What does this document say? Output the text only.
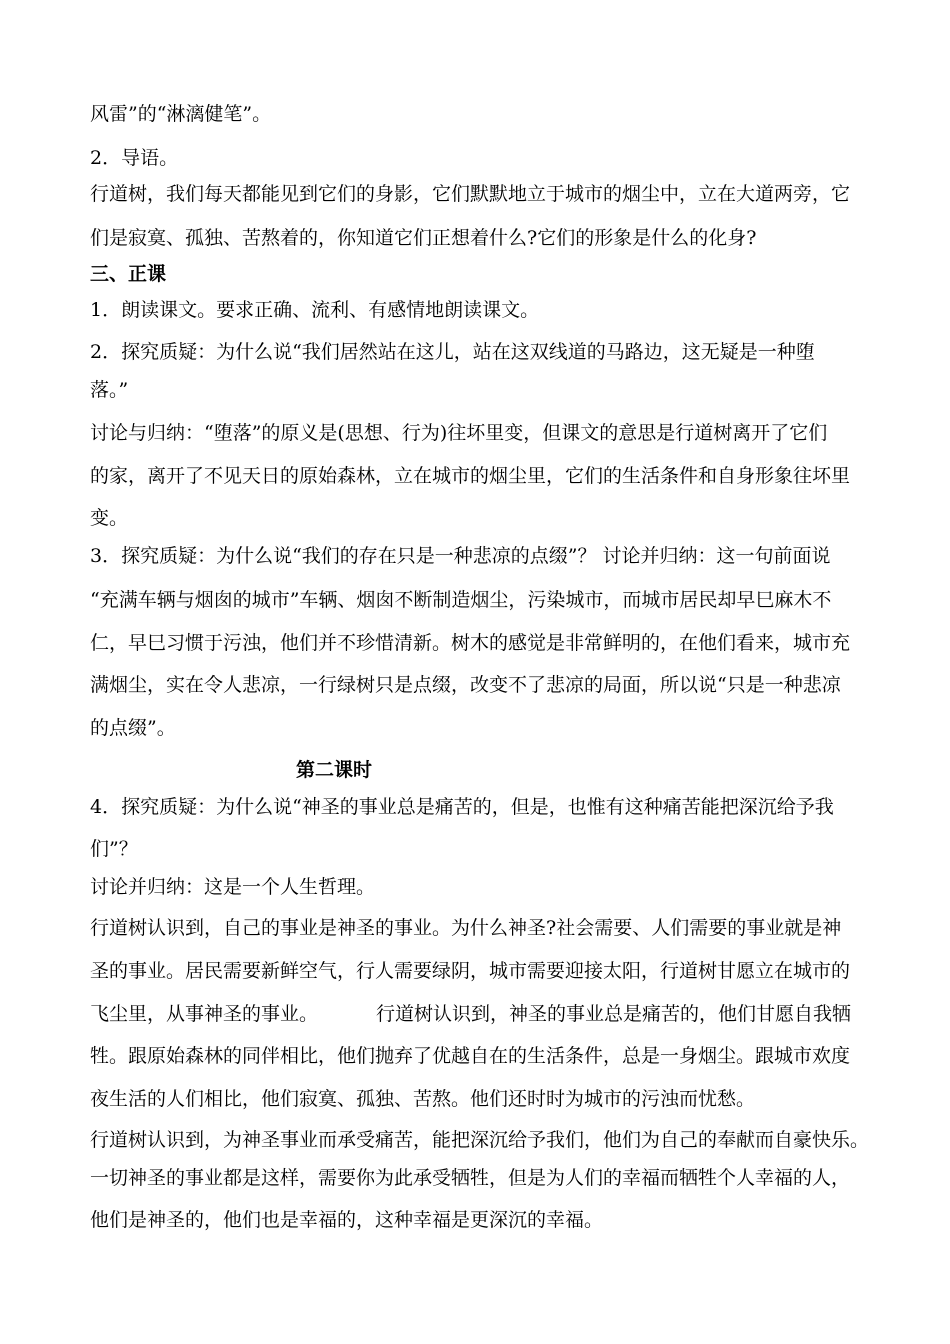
风雷”的“淋漓健笔”。
2．导语。
行道树，我们每天都能见到它们的身影，它们默默地立于城市的烟尘中，立在大道两旁，它
们是寂寞、孤独、苦熬着的，你知道它们正想着什么?它们的形象是什么的化身?
三、正课
1．朗读课文。要求正确、流利、有感情地朗读课文。
2．探究质疑：为什么说“我们居然站在这儿，站在这双线道的马路边，这无疑是一种堕
落。”
讨论与归纳：“堕落”的原义是(思想、行为)往坏里变，但课文的意思是行道树离开了它们
的家，离开了不见天日的原始森林，立在城市的烟尘里，它们的生活条件和自身形象往坏里
变。
3．探究质疑：为什么说“我们的存在只是一种悲凉的点缀”？ 讨论并归纳：这一句前面说
“充满车辆与烟囱的城市”车辆、烟囱不断制造烟尘，污染城市，而城市居民却早巳麻木不
仁，早巳习惯于污浊，他们并不珍惜清新。树木的感觉是非常鲜明的，在他们看来，城市充
满烟尘，实在令人悲凉，一行绿树只是点缀，改变不了悲凉的局面，所以说“只是一种悲凉
的点缀”。
第二课时
4．探究质疑：为什么说“神圣的事业总是痛苦的，但是，也惟有这种痛苦能把深沉给予我
们”？
讨论并归纳：这是一个人生哲理。
行道树认识到，自己的事业是神圣的事业。为什么神圣?社会需要、人们需要的事业就是神
圣的事业。居民需要新鲜空气，行人需要绿阴，城市需要迎接太阳，行道树甘愿立在城市的
飞尘里，从事神圣的事业。	行道树认识到，神圣的事业总是痛苦的，他们甘愿自我牺
牲。跟原始森林的同伴相比，他们抛弃了优越自在的生活条件，总是一身烟尘。跟城市欢度
夜生活的人们相比，他们寂寞、孤独、苦熬。他们还时时为城市的污浊而忧愁。
行道树认识到，为神圣事业而承受痛苦，能把深沉给予我们，他们为自己的奉献而自豪快乐。
一切神圣的事业都是这样，需要你为此承受牺牲，但是为人们的幸福而牺牲个人幸福的人，
他们是神圣的，他们也是幸福的，这种幸福是更深沉的幸福。
